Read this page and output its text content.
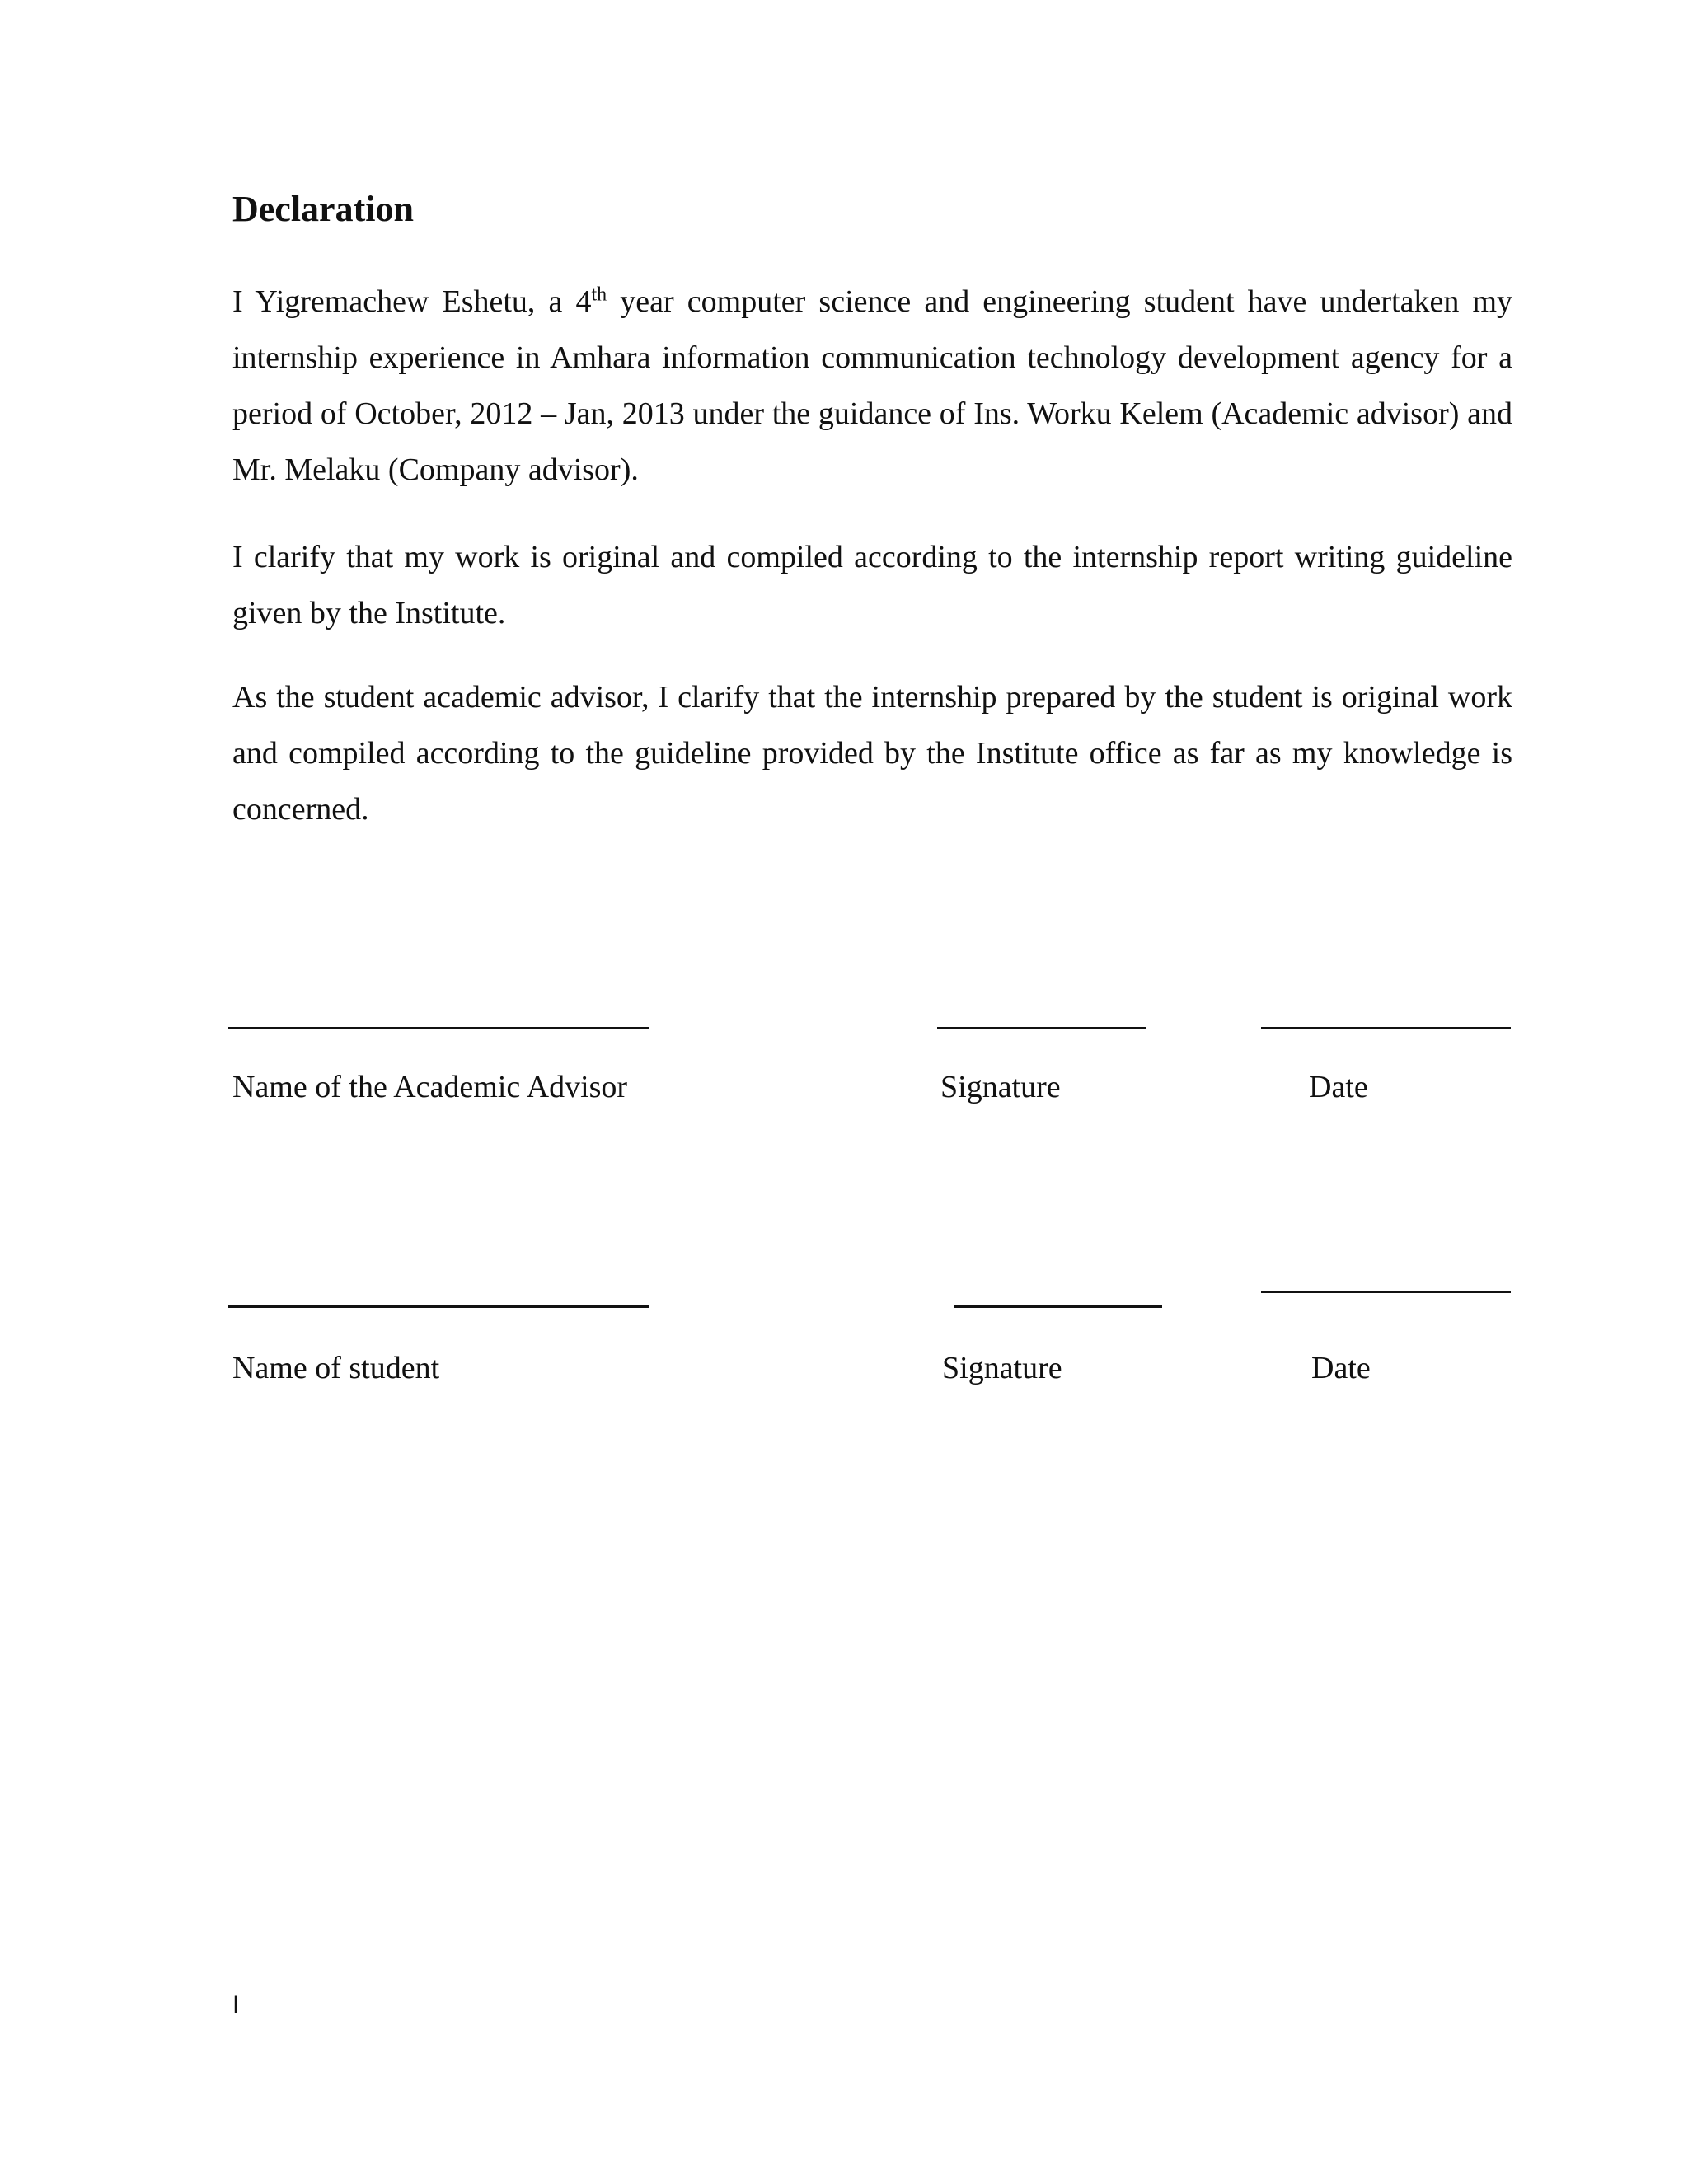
Declaration

I Yigremachew Eshetu, a 4th year computer science and engineering student have undertaken my internship experience in Amhara information communication technology development agency for a period of October, 2012 – Jan, 2013 under the guidance of Ins. Worku Kelem (Academic advisor) and Mr. Melaku (Company advisor).

I clarify that my work is original and compiled according to the internship report writing guideline given by the Institute.

As the student academic advisor, I clarify that the internship prepared by the student is original work and compiled according to the guideline provided by the Institute office as far as my knowledge is concerned.

Name of the Academic Advisor	Signature	Date
Name of student	Signature	Date
I
